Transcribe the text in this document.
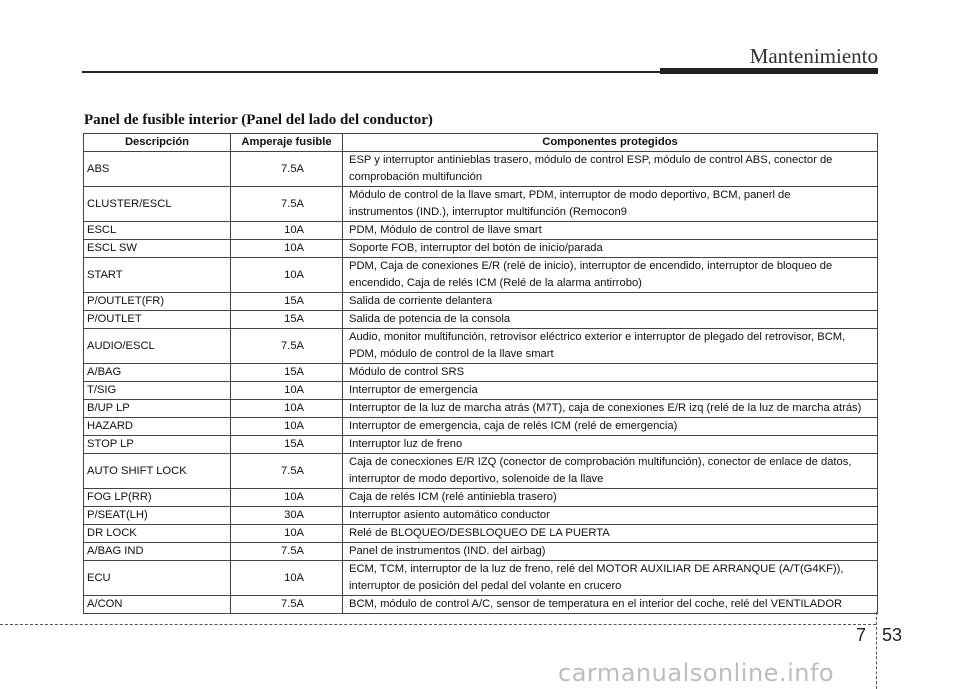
Mantenimiento
Panel de fusible interior (Panel del lado del conductor)
Descripción	Amperaje fusible	Componentes protegidos
ABS	7.5A	ESP y interruptor antinieblas trasero, módulo de control ESP, módulo de control ABS, conector de
comprobación multifunción

CLUSTER/ESCL	7.5A	Módulo de control de la llave smart, PDM, interruptor de modo deportivo, BCM, panerl de
instrumentos (IND.), interruptor multifunción (Remocon9

ESCL	10A	PDM, Módulo de control de llave smart

ESCL SW	10A	Soporte FOB, interruptor del botón de inicio/parada

START	10A	PDM, Caja de conexiones E/R (relé de inicio), interruptor de encendido, interruptor de bloqueo de
encendido, Caja de relés ICM (Relé de la alarma antirrobo)

P/OUTLET(FR)	15A	Salida de corriente delantera

P/OUTLET	15A	Salida de potencia de la consola

AUDIO/ESCL	7.5A	Audio, monitor multifunción, retrovisor eléctrico exterior e interruptor de plegado del retrovisor, BCM,
PDM, módulo de control de la llave smart

A/BAG	15A	Módulo de control SRS

T/SIG	10A	Interruptor de emergencia

B/UP LP	10A	Interruptor de la luz de marcha atrás (M7T), caja de conexiones E/R izq (relé de la luz de marcha atrás)

HAZARD	10A	Interruptor de emergencia, caja de relés ICM (relé de emergencia)

STOP LP	15A	Interruptor luz de freno

AUTO SHIFT LOCK	7.5A	Caja de conecxiones E/R IZQ (conector de comprobación multifunción), conector de enlace de datos,
interruptor de modo deportivo, solenoide de la llave

FOG LP(RR)	10A	Caja de relés ICM (relé antiniebla trasero)

P/SEAT(LH)	30A	Interruptor asiento automático conductor

DR LOCK	10A	Relé de BLOQUEO/DESBLOQUEO DE LA PUERTA

A/BAG IND	7.5A	Panel de instrumentos (IND. del airbag)

ECU	10A	ECM, TCM, interruptor de la luz de freno, relé del MOTOR AUXILIAR DE ARRANQUE (A/T(G4KF)),
interruptor de posición del pedal del volante en crucero

A/CON	7.5A	BCM, módulo de control A/C, sensor de temperatura en el interior del coche, relé del VENTILADOR
7 53
carmanualsonline.info
